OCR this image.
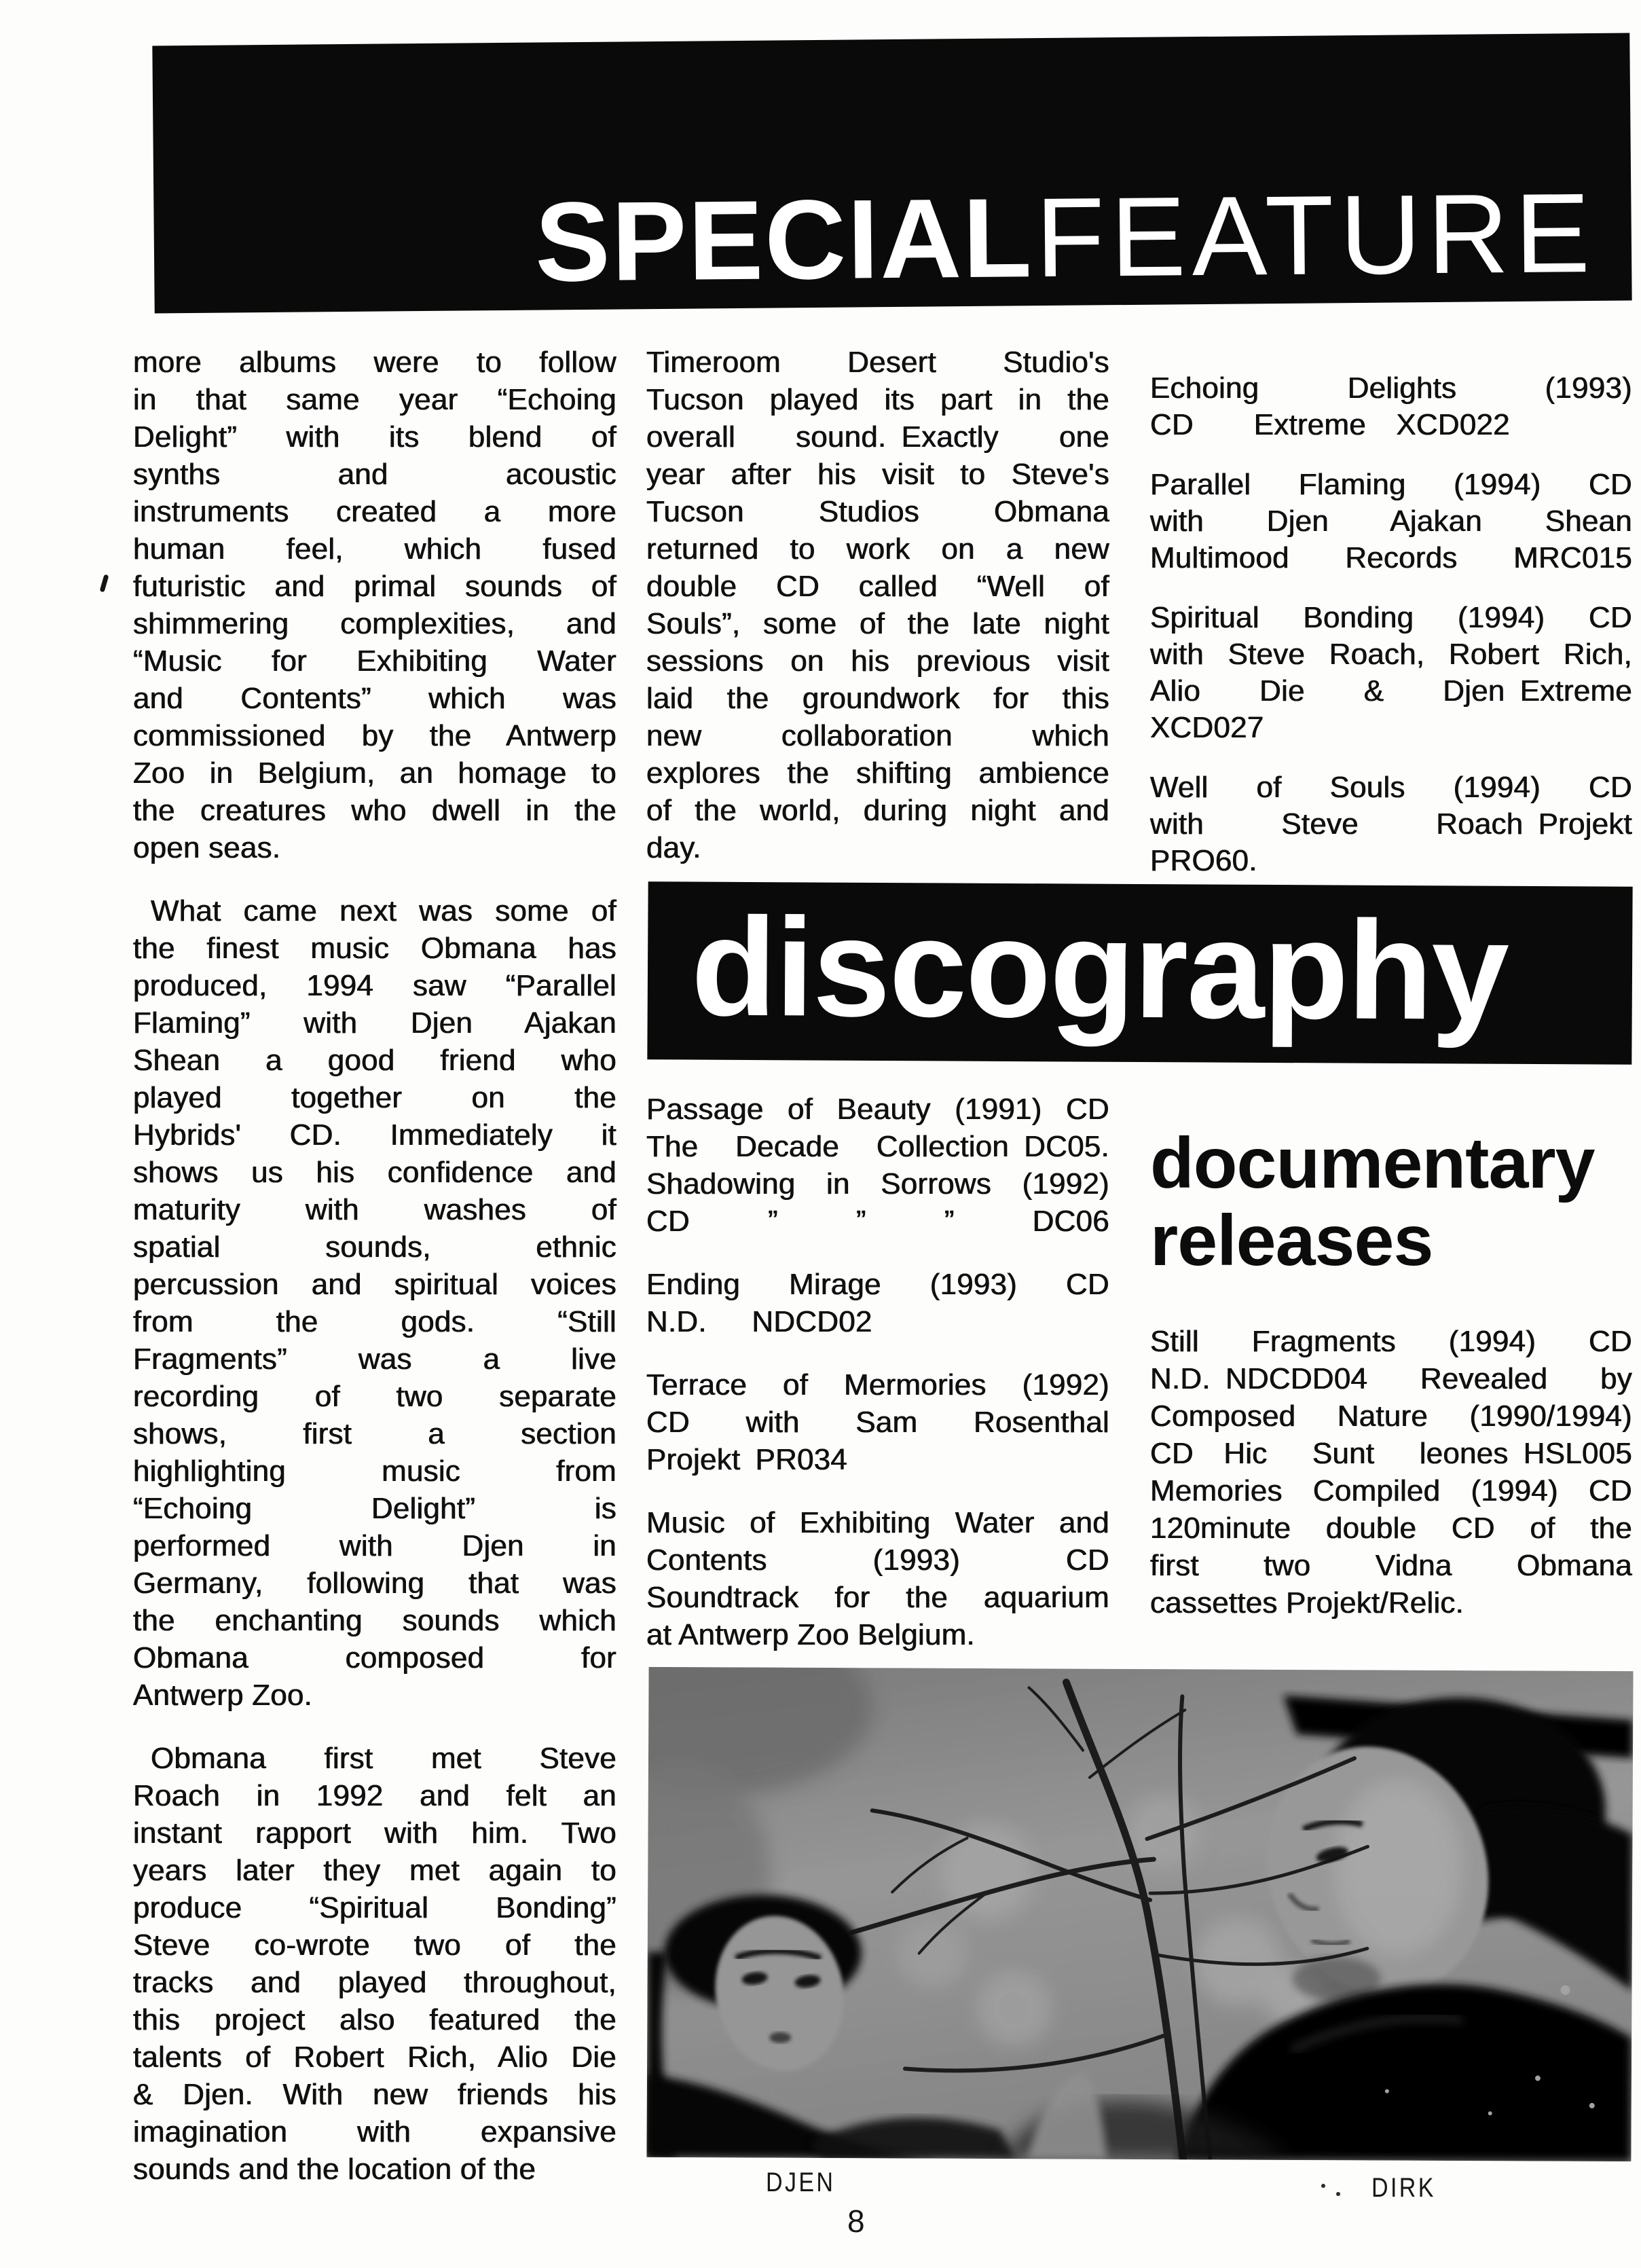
SPECIAL FEATURE
more albums were to follow
in that same year “Echoing
Delight” with its blend of
synths and acoustic
instruments created a more
human feel, which fused
futuristic and primal sounds of
shimmering complexities, and
“Music for Exhibiting Water
and Contents” which was
commissioned by the Antwerp
Zoo in Belgium, an homage to
the creatures who dwell in the
open seas.
What came next was some of
the finest music Obmana has
produced, 1994 saw “Parallel
Flaming” with Djen Ajakan
Shean a good friend who
played together on the
Hybrids' CD. Immediately it
shows us his confidence and
maturity with washes of
spatial sounds, ethnic
percussion and spiritual voices
from the gods. “Still
Fragments” was a live
recording of two separate
shows, first a section
highlighting music from
“Echoing Delight” is
performed with Djen in
Germany, following that was
the enchanting sounds which
Obmana composed for
Antwerp Zoo.
Obmana first met Steve
Roach in 1992 and felt an
instant rapport with him. Two
years later they met again to
produce “Spiritual Bonding”
Steve co-wrote two of the
tracks and played throughout,
this project also featured the
talents of Robert Rich, Alio Die
& Djen. With new friends his
imagination with expansive
sounds and the location of the
Timeroom Desert Studio's
Tucson played its part in the
overall sound. Exactly one
year after his visit to Steve's
Tucson Studios Obmana
returned to work on a new
double CD called “Well of
Souls”, some of the late night
sessions on his previous visit
laid the groundwork for this
new collaboration which
explores the shifting ambience
of the world, during night and
day.
Echoing Delights (1993)
CD    Extreme  XCD022
Parallel Flaming (1994) CD
with Djen Ajakan Shean
Multimood Records MRC015
Spiritual Bonding (1994) CD
with Steve Roach, Robert Rich,
Alio Die & Djen Extreme
XCD027
Well of Souls (1994) CD
with Steve Roach Projekt
PRO60.
discography
Passage of Beauty (1991) CD
The Decade Collection DC05.
Shadowing in Sorrows (1992)
CD ” ” ” DC06
Ending Mirage (1993) CD
N.D.   NDCD02
Terrace of Mermories (1992)
CD with Sam Rosenthal
Projekt PR034
Music of Exhibiting Water and
Contents (1993) CD
Soundtrack for the aquarium
at Antwerp Zoo Belgium.
documentary
releases
Still Fragments (1994) CD
N.D. NDCDD04 Revealed by
Composed Nature (1990/1994)
CD  Hic Sunt leones HSL005
Memories Compiled (1994) CD
120minute double CD of the
first two Vidna Obmana
cassettes Projekt/Relic.
DJEN	DIRK
8
